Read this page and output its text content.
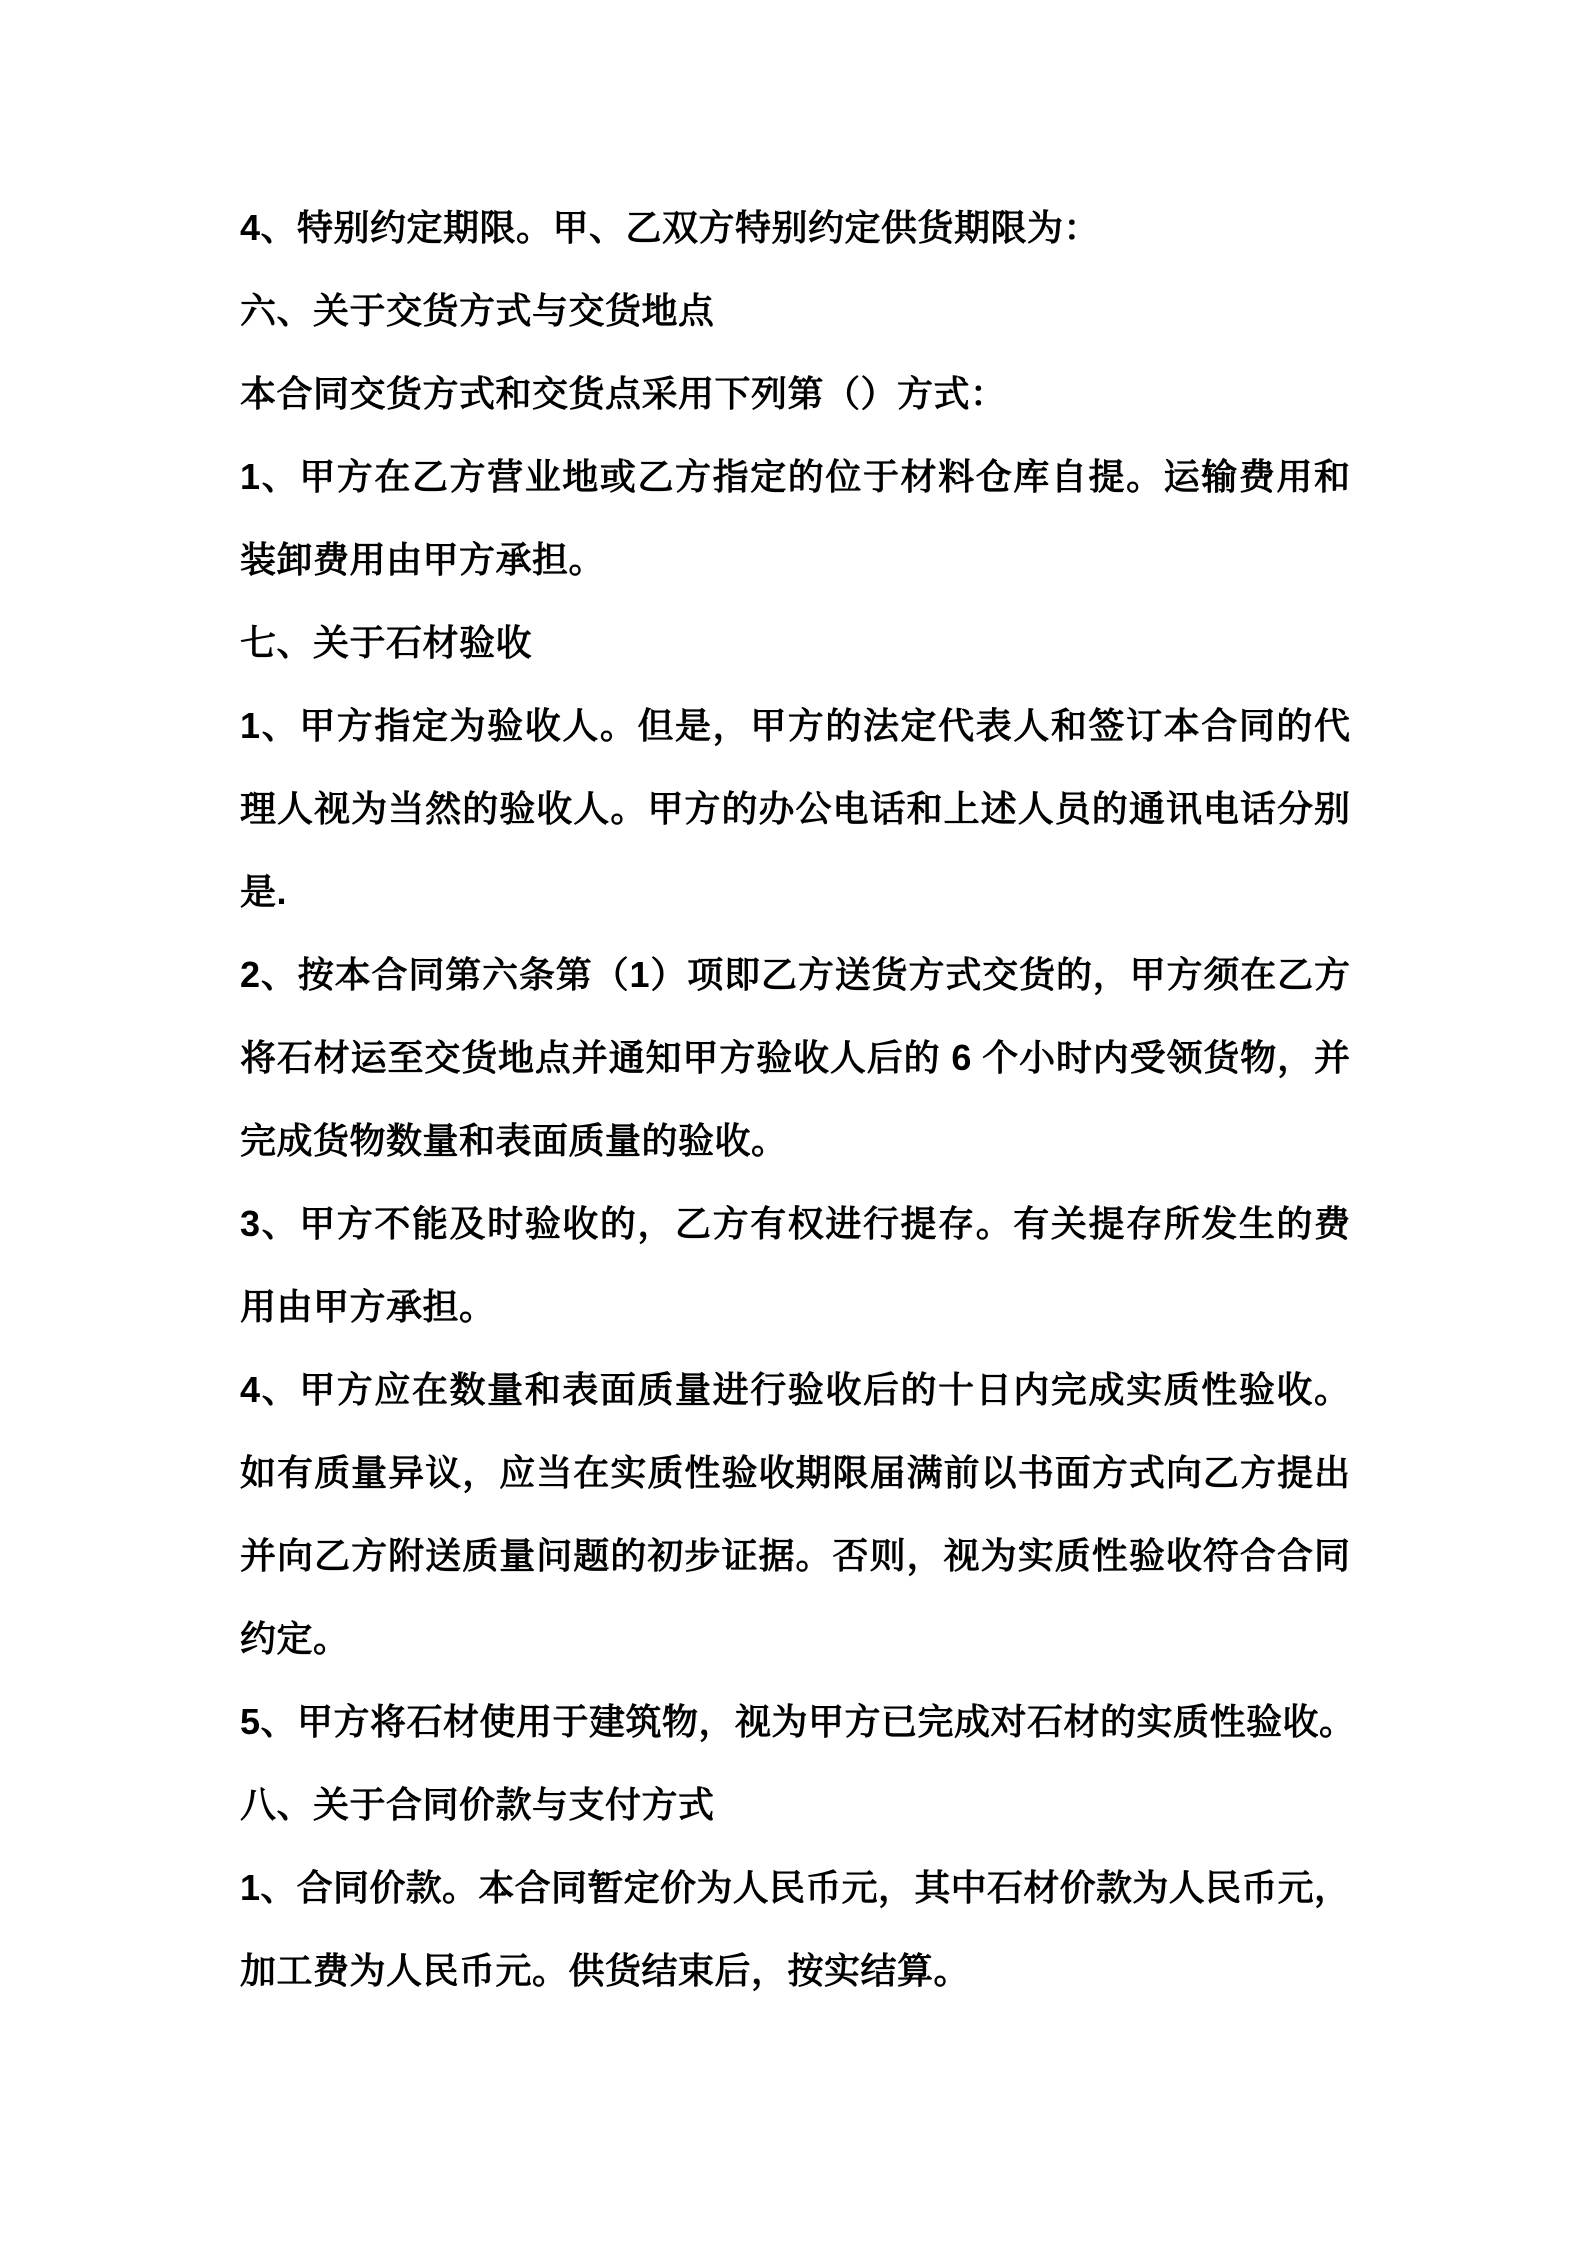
4、特别约定期限。甲、乙双方特别约定供货期限为：
六、关于交货方式与交货地点
本合同交货方式和交货点采用下列第（）方式：
1、甲方在乙方营业地或乙方指定的位于材料仓库自提。运输费用和
装卸费用由甲方承担。
七、关于石材验收
1、甲方指定为验收人。但是，甲方的法定代表人和签订本合同的代
理人视为当然的验收人。甲方的办公电话和上述人员的通讯电话分别
是.
2、按本合同第六条第（1）项即乙方送货方式交货的，甲方须在乙方
将石材运至交货地点并通知甲方验收人后的 6 个小时内受领货物，并
完成货物数量和表面质量的验收。
3、甲方不能及时验收的，乙方有权进行提存。有关提存所发生的费
用由甲方承担。
4、甲方应在数量和表面质量进行验收后的十日内完成实质性验收。
如有质量异议，应当在实质性验收期限届满前以书面方式向乙方提出
并向乙方附送质量问题的初步证据。否则，视为实质性验收符合合同
约定。
5、甲方将石材使用于建筑物，视为甲方已完成对石材的实质性验收。
八、关于合同价款与支付方式
1、合同价款。本合同暂定价为人民币元，其中石材价款为人民币元，
加工费为人民币元。供货结束后，按实结算。
